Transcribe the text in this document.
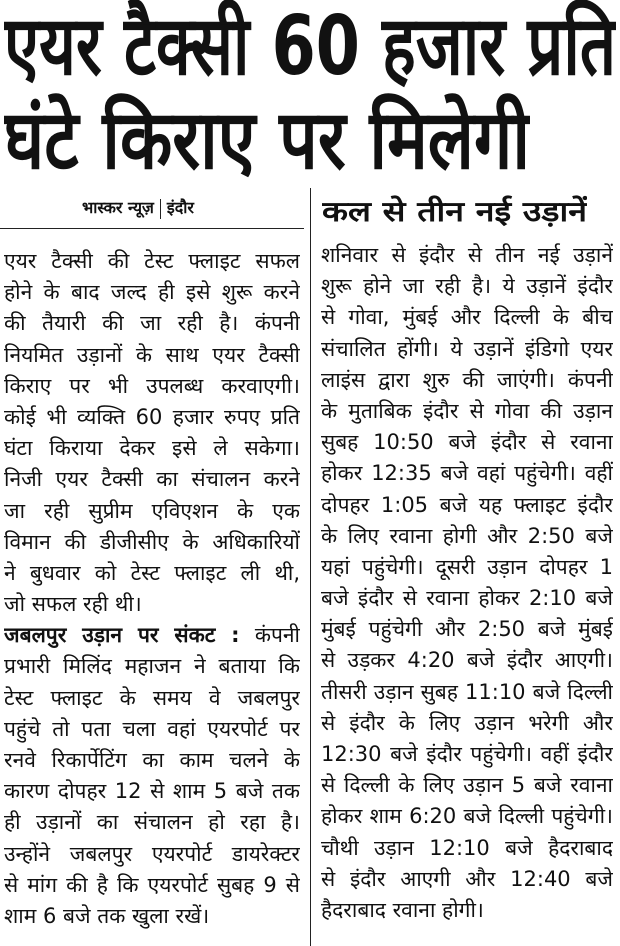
एयर टैक्सी 60 हजार प्रति
घंटे किराए पर मिलेगी
भास्कर न्यूज़ इंदौर
एयर टैक्सी की टेस्ट फ्लाइट सफल
होने के बाद जल्द ही इसे शुरू करने
की तैयारी की जा रही है। कंपनी
नियमित उड़ानों के साथ एयर टैक्सी
किराए पर भी उपलब्ध करवाएगी।
कोई भी व्यक्ति 60 हजार रुपए प्रति
घंटा किराया देकर इसे ले सकेगा।
निजी एयर टैक्सी का संचालन करने
जा रही सुप्रीम एविएशन के एक
विमान की डीजीसीए के अधिकारियों
ने बुधवार को टेस्ट फ्लाइट ली थी,
जो सफल रही थी।
जबलपुर उड़ान पर संकट : कंपनी
प्रभारी मिलिंद महाजन ने बताया कि
टेस्ट फ्लाइट के समय वे जबलपुर
पहुंचे तो पता चला वहां एयरपोर्ट पर
रनवे रिकार्पेटिंग का काम चलने के
कारण दोपहर 12 से शाम 5 बजे तक
ही उड़ानों का संचालन हो रहा है।
उन्होंने जबलपुर एयरपोर्ट डायरेक्टर
से मांग की है कि एयरपोर्ट सुबह 9 से
शाम 6 बजे तक खुला रखें।
कल से तीन नई उड़ानें
शनिवार से इंदौर से तीन नई उड़ानें
शुरू होने जा रही है। ये उड़ानें इंदौर
से गोवा, मुंबई और दिल्ली के बीच
संचालित होंगी। ये उड़ानें इंडिगो एयर
लाइंस द्वारा शुरु की जाएंगी। कंपनी
के मुताबिक इंदौर से गोवा की उड़ान
सुबह 10:50 बजे इंदौर से रवाना
होकर 12:35 बजे वहां पहुंचेगी। वहीं
दोपहर 1:05 बजे यह फ्लाइट इंदौर
के लिए रवाना होगी और 2:50 बजे
यहां पहुंचेगी। दूसरी उड़ान दोपहर 1
बजे इंदौर से रवाना होकर 2:10 बजे
मुंबई पहुंचेगी और 2:50 बजे मुंबई
से उड़कर 4:20 बजे इंदौर आएगी।
तीसरी उड़ान सुबह 11:10 बजे दिल्ली
से इंदौर के लिए उड़ान भरेगी और
12:30 बजे इंदौर पहुंचेगी। वहीं इंदौर
से दिल्ली के लिए उड़ान 5 बजे रवाना
होकर शाम 6:20 बजे दिल्ली पहुंचेगी।
चौथी उड़ान 12:10 बजे हैदराबाद
से इंदौर आएगी और 12:40 बजे
हैदराबाद रवाना होगी।
